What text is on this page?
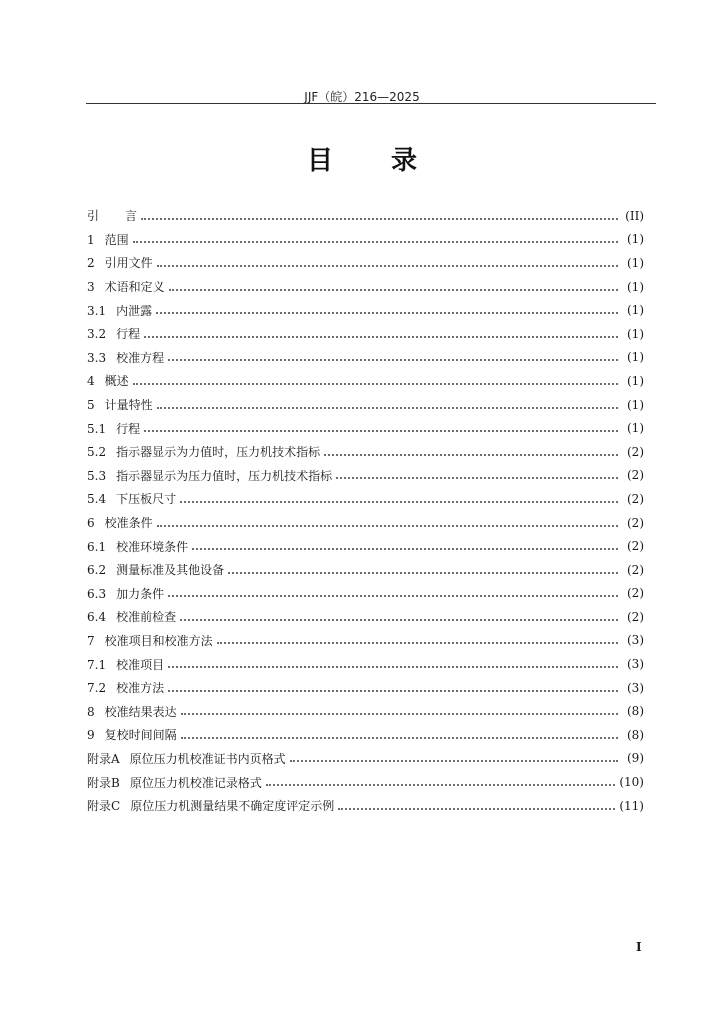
JJF（皖）216—2025
目录
引 言	(II)
1 范围	(1)
2 引用文件	(1)
3 术语和定义	(1)
3.1 内泄露	(1)
3.2 行程	(1)
3.3 校准方程	(1)
4 概述	(1)
5 计量特性	(1)
5.1 行程	(1)
5.2 指示器显示为力值时，压力机技术指标	(2)
5.3 指示器显示为压力值时，压力机技术指标	(2)
5.4 下压板尺寸	(2)
6 校准条件	(2)
6.1 校准环境条件	(2)
6.2 测量标准及其他设备	(2)
6.3 加力条件	(2)
6.4 校准前检查	(2)
7 校准项目和校准方法	(3)
7.1 校准项目	(3)
7.2 校准方法	(3)
8 校准结果表达	(8)
9 复校时间间隔	(8)
附录A 原位压力机校准证书内页格式	(9)
附录B 原位压力机校准记录格式	(10)
附录C 原位压力机测量结果不确定度评定示例	(11)
I
